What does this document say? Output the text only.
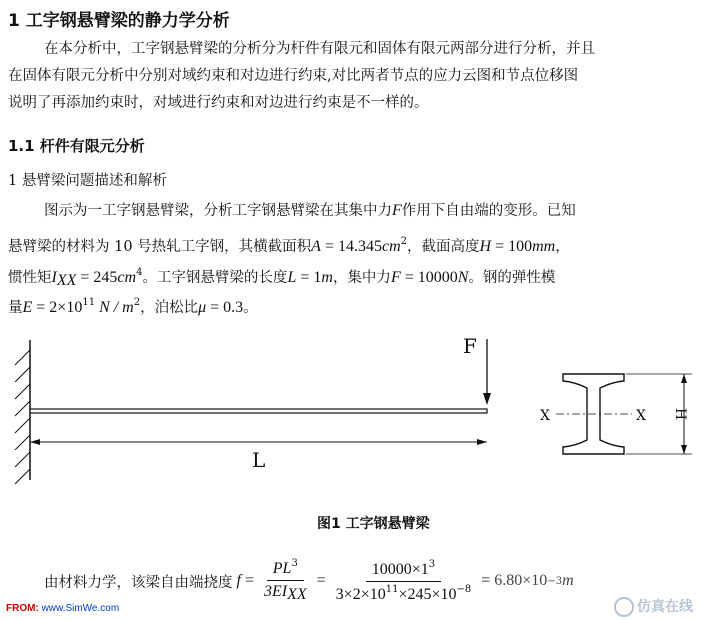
1 工字钢悬臂梁的静力学分析
在本分析中，工字钢悬臂梁的分析分为杆件有限元和固体有限元两部分进行分析，并且
在固体有限元分析中分别对域约束和对边进行约束,对比两者节点的应力云图和节点位移图
说明了再添加约束时，对域进行约束和对边进行约束是不一样的。
1.1 杆件有限元分析
1 悬臂梁问题描述和解析
图示为一工字钢悬臂梁，分析工字钢悬臂梁在其集中力F作用下自由端的变形。已知
悬臂梁的材料为 10 号热轧工字钢，其横截面积$A = 14.345cm^2$，截面高度H = 100mm，
惯性矩$I_{XX} = 245cm^4$。工字钢悬臂梁的长度L = 1m，集中力F = 10000N。钢的弹性模
量$E = 2\times 10^{11}$ N / $m^2$，泊松比μ = 0.3。
F
L
X	X H
图1 工字钢悬臂梁
由材料力学，该梁自由端挠度 $f = \frac{PL^3}{3EI_{XX}} = \frac{10000\times 1^3}{3\times 2\times 10^{11}\times 245\times 10^{-8}} = 6.80\times 10 -3$ m
FROM: www.SimWe.com	仿真在线
